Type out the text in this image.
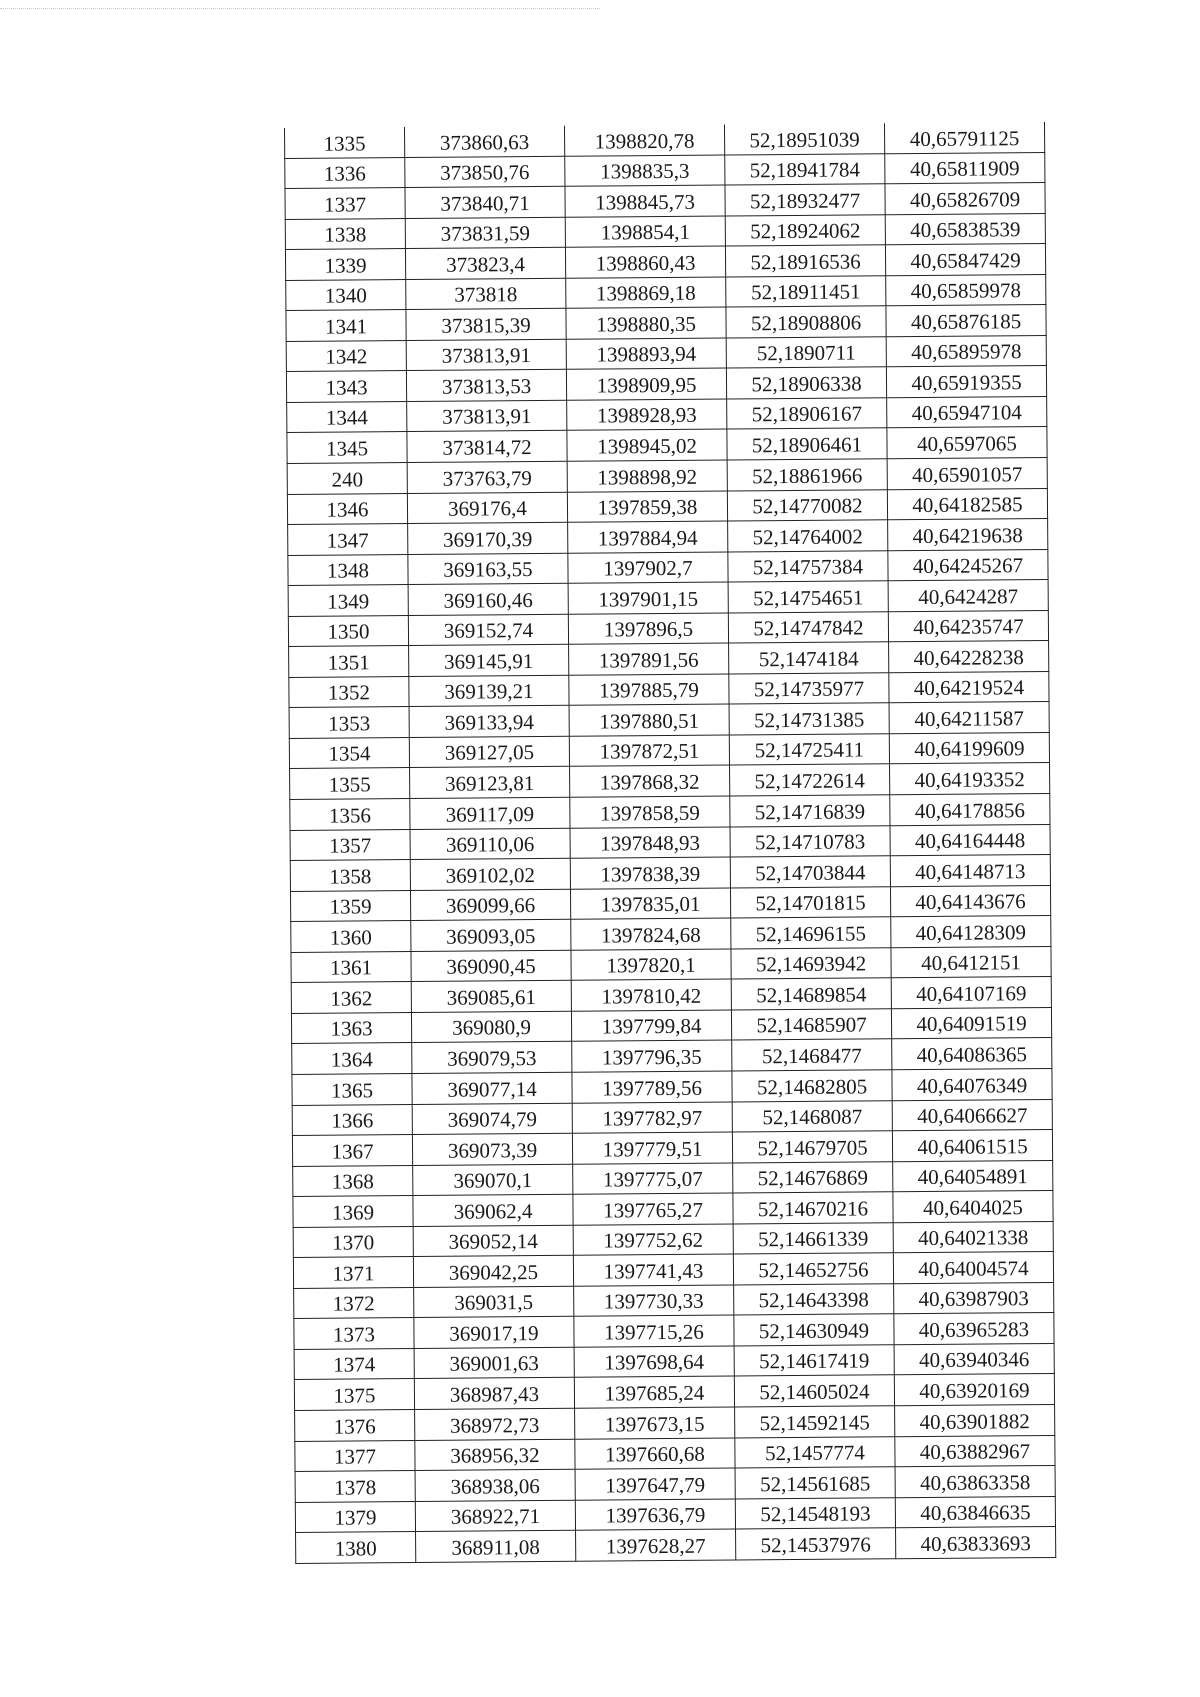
1335	373860,63	1398820,78	52,18951039	40,65791125
1336	373850,76	1398835,3	52,18941784	40,65811909
1337	373840,71	1398845,73	52,18932477	40,65826709
1338	373831,59	1398854,1	52,18924062	40,65838539
1339	373823,4	1398860,43	52,18916536	40,65847429
1340	373818	1398869,18	52,18911451	40,65859978
1341	373815,39	1398880,35	52,18908806	40,65876185
1342	373813,91	1398893,94	52,1890711	40,65895978
1343	373813,53	1398909,95	52,18906338	40,65919355
1344	373813,91	1398928,93	52,18906167	40,65947104
1345	373814,72	1398945,02	52,18906461	40,6597065
240	373763,79	1398898,92	52,18861966	40,65901057
1346	369176,4	1397859,38	52,14770082	40,64182585
1347	369170,39	1397884,94	52,14764002	40,64219638
1348	369163,55	1397902,7	52,14757384	40,64245267
1349	369160,46	1397901,15	52,14754651	40,6424287
1350	369152,74	1397896,5	52,14747842	40,64235747
1351	369145,91	1397891,56	52,1474184	40,64228238
1352	369139,21	1397885,79	52,14735977	40,64219524
1353	369133,94	1397880,51	52,14731385	40,64211587
1354	369127,05	1397872,51	52,14725411	40,64199609
1355	369123,81	1397868,32	52,14722614	40,64193352
1356	369117,09	1397858,59	52,14716839	40,64178856
1357	369110,06	1397848,93	52,14710783	40,64164448
1358	369102,02	1397838,39	52,14703844	40,64148713
1359	369099,66	1397835,01	52,14701815	40,64143676
1360	369093,05	1397824,68	52,14696155	40,64128309
1361	369090,45	1397820,1	52,14693942	40,6412151
1362	369085,61	1397810,42	52,14689854	40,64107169
1363	369080,9	1397799,84	52,14685907	40,64091519
1364	369079,53	1397796,35	52,1468477	40,64086365
1365	369077,14	1397789,56	52,14682805	40,64076349
1366	369074,79	1397782,97	52,1468087	40,64066627
1367	369073,39	1397779,51	52,14679705	40,64061515
1368	369070,1	1397775,07	52,14676869	40,64054891
1369	369062,4	1397765,27	52,14670216	40,6404025
1370	369052,14	1397752,62	52,14661339	40,64021338
1371	369042,25	1397741,43	52,14652756	40,64004574
1372	369031,5	1397730,33	52,14643398	40,63987903
1373	369017,19	1397715,26	52,14630949	40,63965283
1374	369001,63	1397698,64	52,14617419	40,63940346
1375	368987,43	1397685,24	52,14605024	40,63920169
1376	368972,73	1397673,15	52,14592145	40,63901882
1377	368956,32	1397660,68	52,1457774	40,63882967
1378	368938,06	1397647,79	52,14561685	40,63863358
1379	368922,71	1397636,79	52,14548193	40,63846635
1380	368911,08	1397628,27	52,14537976	40,63833693
